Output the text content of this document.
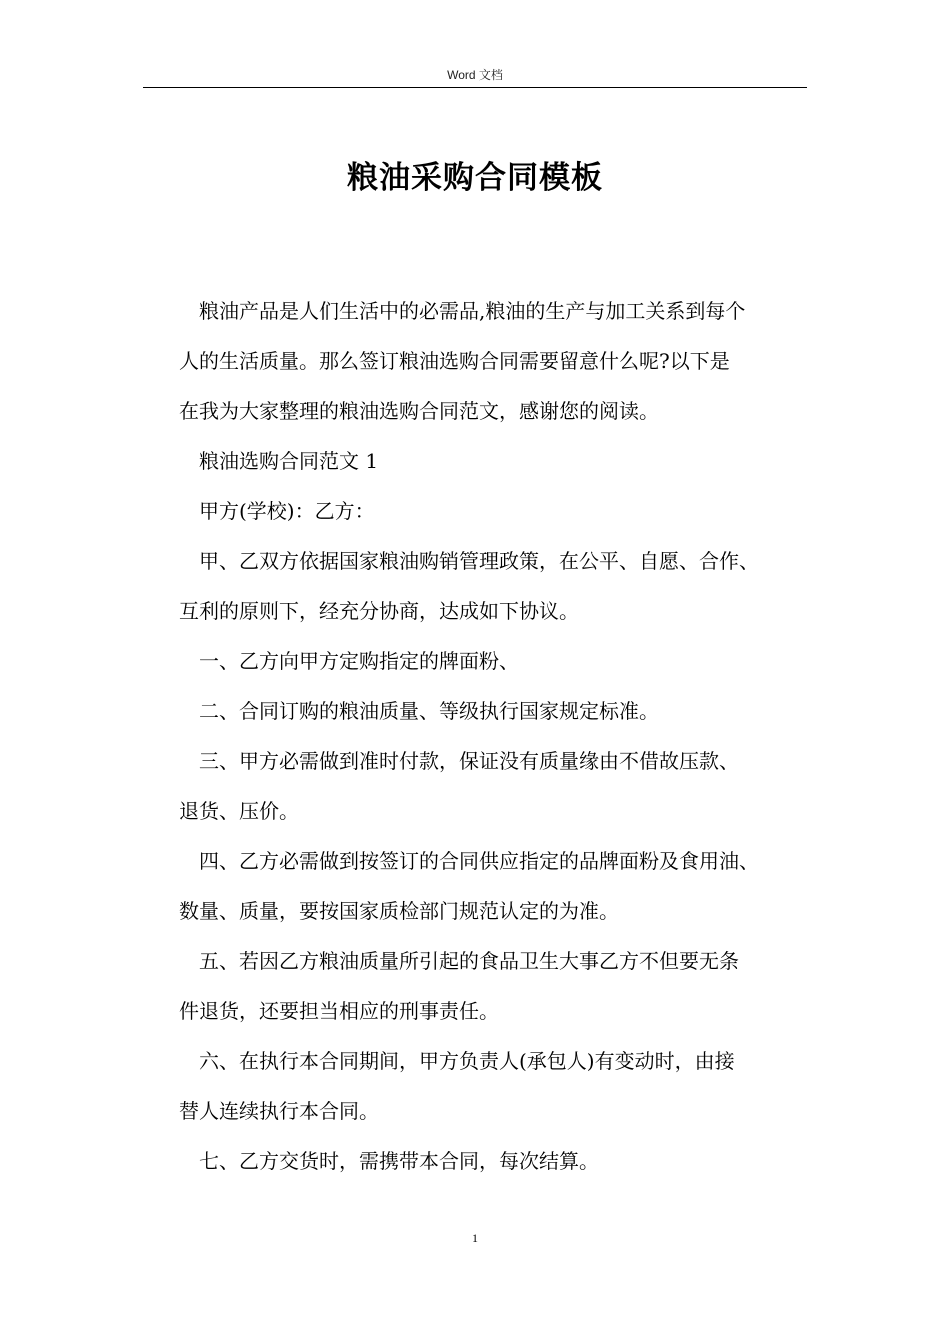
Word 文档
粮油采购合同模板
粮油产品是人们生活中的必需品,粮油的生产与加工关系到每个
人的生活质量。那么签订粮油选购合同需要留意什么呢?以下是
在我为大家整理的粮油选购合同范文，感谢您的阅读。
粮油选购合同范文 1
甲方(学校)：乙方：
甲、乙双方依据国家粮油购销管理政策，在公平、自愿、合作、
互利的原则下，经充分协商，达成如下协议。
一、乙方向甲方定购指定的牌面粉、
二、合同订购的粮油质量、等级执行国家规定标准。
三、甲方必需做到准时付款，保证没有质量缘由不借故压款、
退货、压价。
四、乙方必需做到按签订的合同供应指定的品牌面粉及食用油、
数量、质量，要按国家质检部门规范认定的为准。
五、若因乙方粮油质量所引起的食品卫生大事乙方不但要无条
件退货，还要担当相应的刑事责任。
六、在执行本合同期间，甲方负责人(承包人)有变动时，由接
替人连续执行本合同。
七、乙方交货时，需携带本合同，每次结算。
1
